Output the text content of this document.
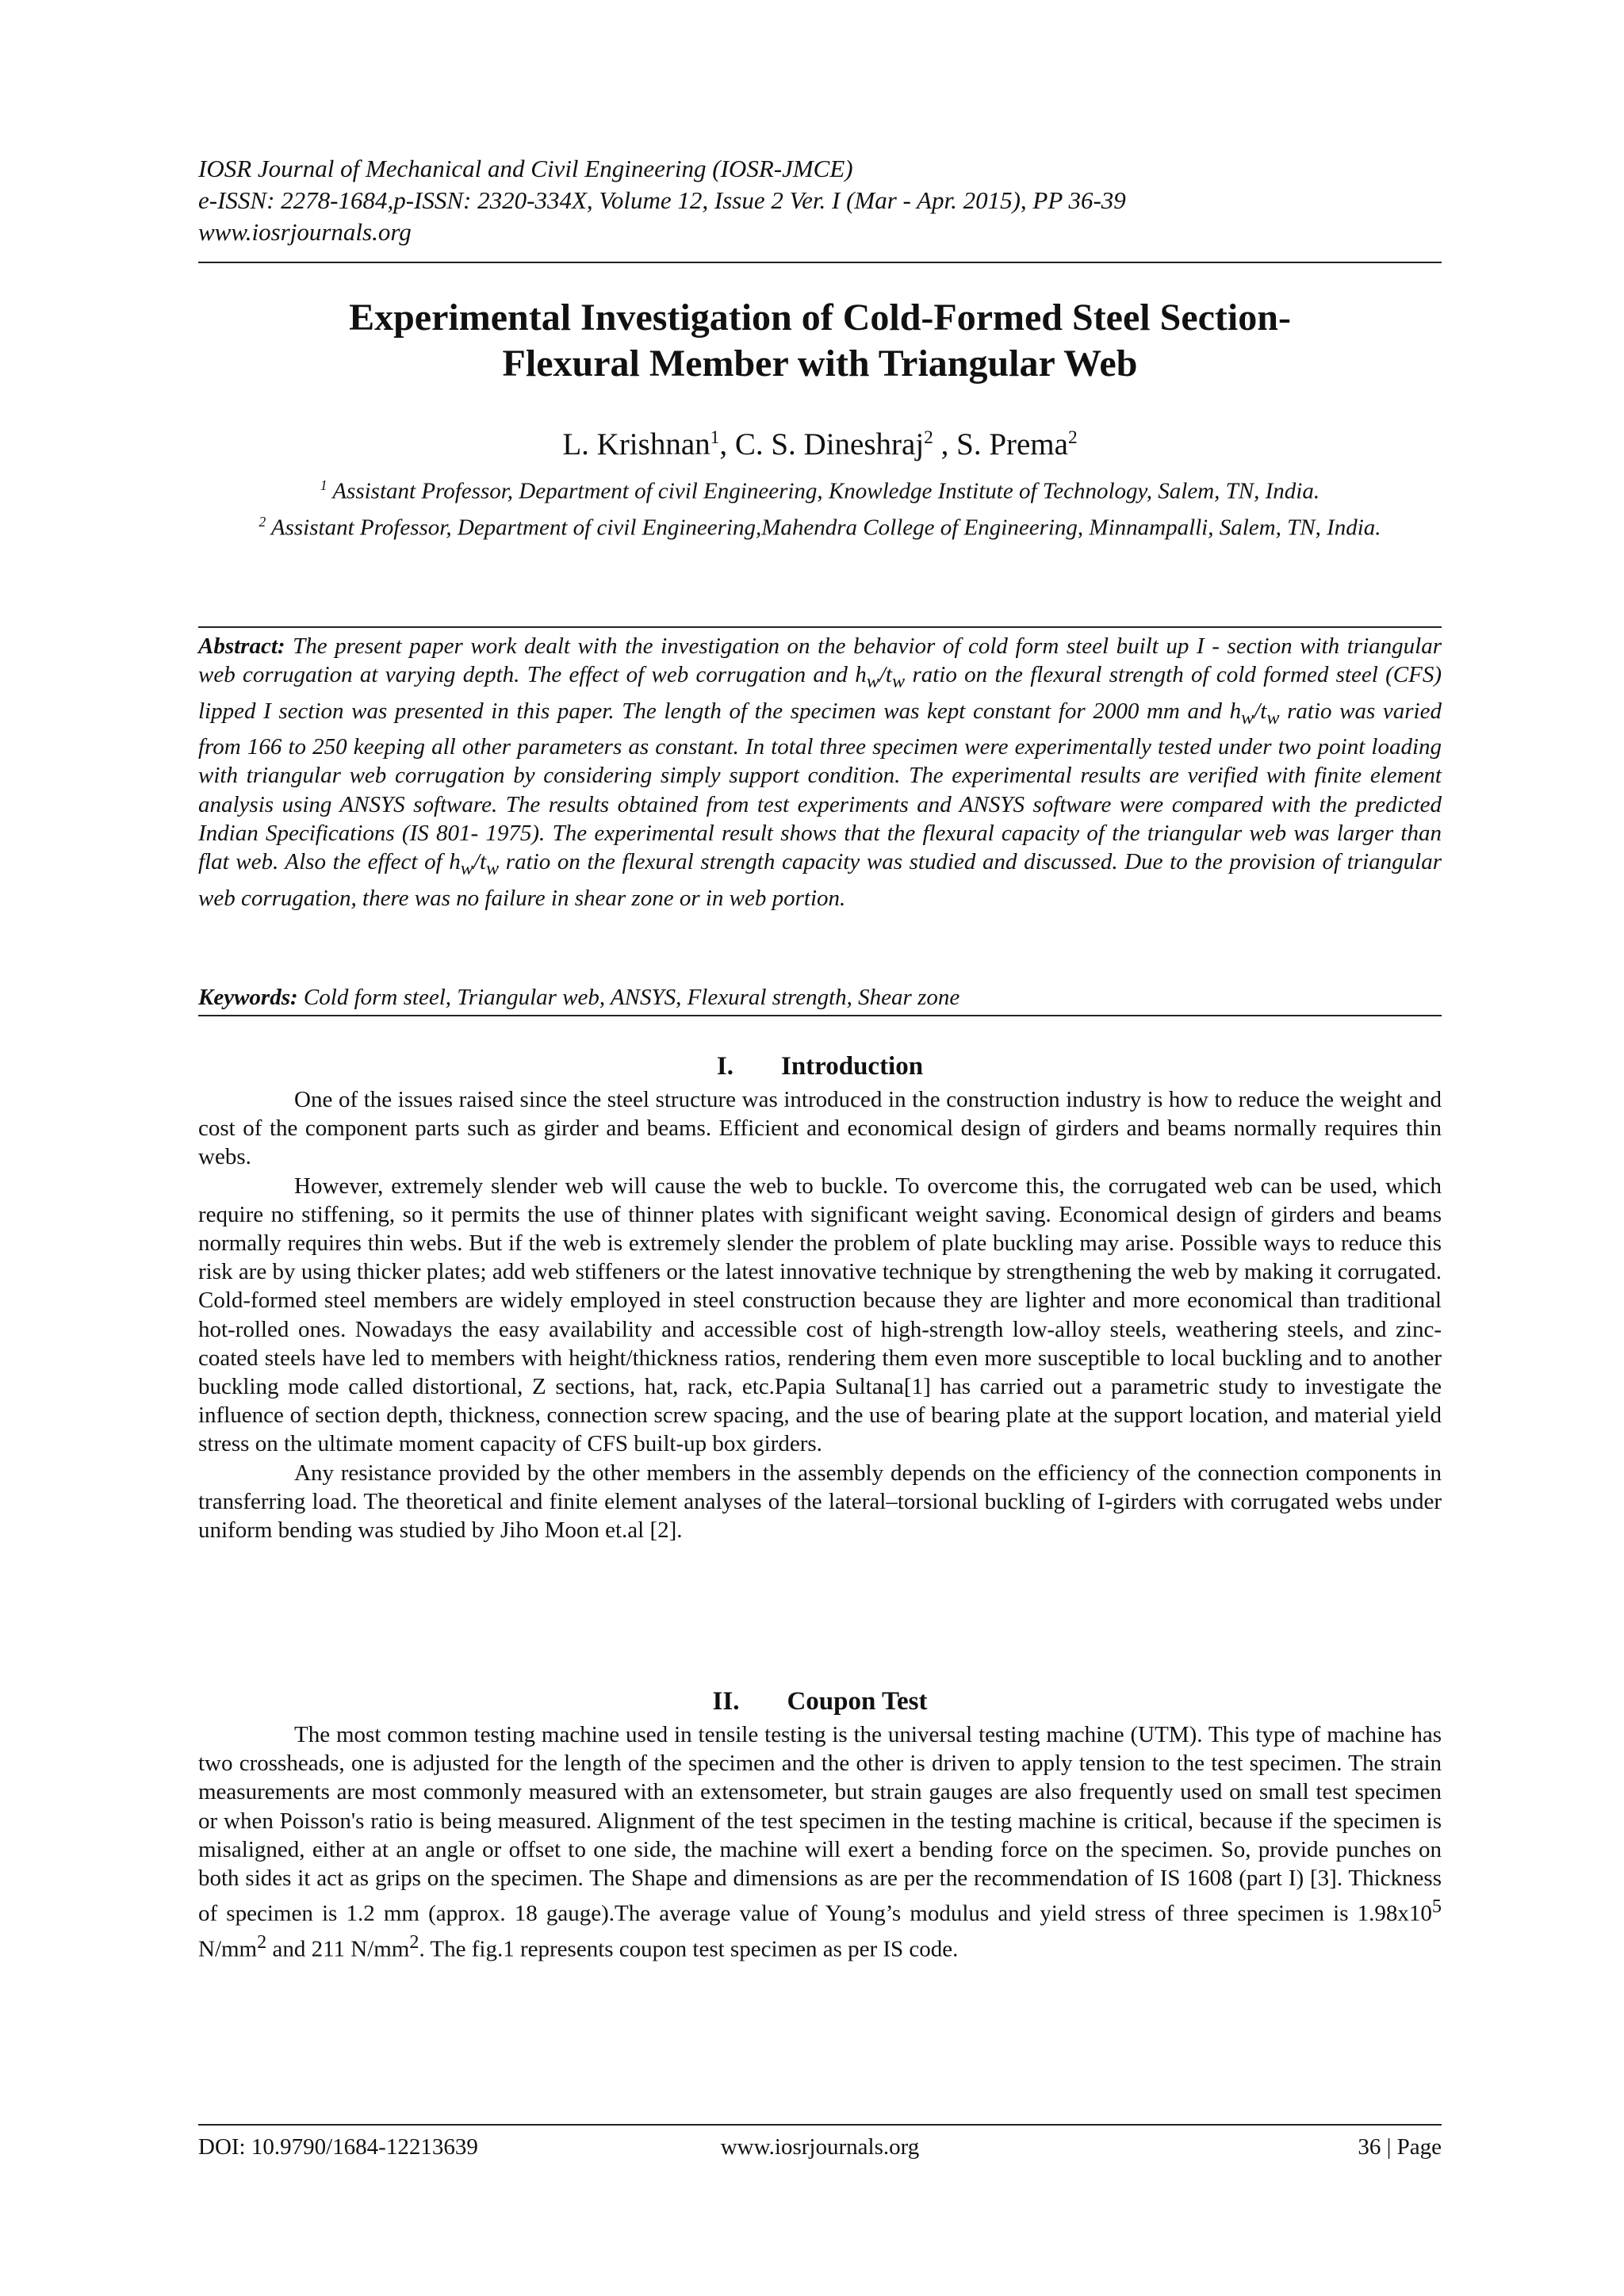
IOSR Journal of Mechanical and Civil Engineering (IOSR-JMCE)
e-ISSN: 2278-1684,p-ISSN: 2320-334X, Volume 12, Issue 2 Ver. I (Mar - Apr. 2015), PP 36-39
www.iosrjournals.org
Experimental Investigation of Cold-Formed Steel Section-
Flexural Member with Triangular Web
L. Krishnan$^1$, C. S. Dineshraj$^2$ , S. Prema$^2$
$^1$ Assistant Professor, Department of civil Engineering, Knowledge Institute of Technology, Salem, TN, India.
$^2$ Assistant Professor, Department of civil Engineering,Mahendra College of Engineering, Minnampalli, Salem, TN, India.
Abstract: The present paper work dealt with the investigation on the behavior of cold form steel built up I - section with triangular web corrugation at varying depth. The effect of web corrugation and $h_w/t_w$ ratio on the flexural strength of cold formed steel (CFS) lipped I section was presented in this paper. The length of the specimen was kept constant for 2000 mm and $h_w/t_w$ ratio was varied from 166 to 250 keeping all other parameters as constant. In total three specimen were experimentally tested under two point loading with triangular web corrugation by considering simply support condition. The experimental results are verified with finite element analysis using ANSYS software. The results obtained from test experiments and ANSYS software were compared with the predicted Indian Specifications (IS 801- 1975). The experimental result shows that the flexural capacity of the triangular web was larger than flat web. Also the effect of $h_w/t_w$ ratio on the flexural strength capacity was studied and discussed. Due to the provision of triangular web corrugation, there was no failure in shear zone or in web portion.
Keywords: Cold form steel, Triangular web, ANSYS, Flexural strength, Shear zone
I. Introduction

One of the issues raised since the steel structure was introduced in the construction industry is how to reduce the weight and cost of the component parts such as girder and beams. Efficient and economical design of girders and beams normally requires thin webs.

However, extremely slender web will cause the web to buckle. To overcome this, the corrugated web can be used, which require no stiffening, so it permits the use of thinner plates with significant weight saving. Economical design of girders and beams normally requires thin webs. But if the web is extremely slender the problem of plate buckling may arise. Possible ways to reduce this risk are by using thicker plates; add web stiffeners or the latest innovative technique by strengthening the web by making it corrugated. Cold-formed steel members are widely employed in steel construction because they are lighter and more economical than traditional hot-rolled ones. Nowadays the easy availability and accessible cost of high-strength low-alloy steels, weathering steels, and zinc-coated steels have led to members with height/thickness ratios, rendering them even more susceptible to local buckling and to another buckling mode called distortional, Z sections, hat, rack, etc.Papia Sultana[1] has carried out a parametric study to investigate the influence of section depth, thickness, connection screw spacing, and the use of bearing plate at the support location, and material yield stress on the ultimate moment capacity of CFS built-up box girders.

Any resistance provided by the other members in the assembly depends on the efficiency of the connection components in transferring load. The theoretical and finite element analyses of the lateral–torsional buckling of I-girders with corrugated webs under uniform bending was studied by Jiho Moon et.al [2].

II. Coupon Test

The most common testing machine used in tensile testing is the universal testing machine (UTM). This type of machine has two crossheads, one is adjusted for the length of the specimen and the other is driven to apply tension to the test specimen. The strain measurements are most commonly measured with an extensometer, but strain gauges are also frequently used on small test specimen or when Poisson's ratio is being measured. Alignment of the test specimen in the testing machine is critical, because if the specimen is misaligned, either at an angle or offset to one side, the machine will exert a bending force on the specimen. So, provide punches on both sides it act as grips on the specimen. The Shape and dimensions as are per the recommendation of IS 1608 (part I) [3]. Thickness of specimen is 1.2 mm (approx. 18 gauge).The average value of Young’s modulus and yield stress of three specimen is $1.98x10^5$ $N/mm^2$ and 211 $N/mm^2$. The fig.1 represents coupon test specimen as per IS code.

DOI: 10.9790/1684-12213639	www.iosrjournals.org	36 | Page
